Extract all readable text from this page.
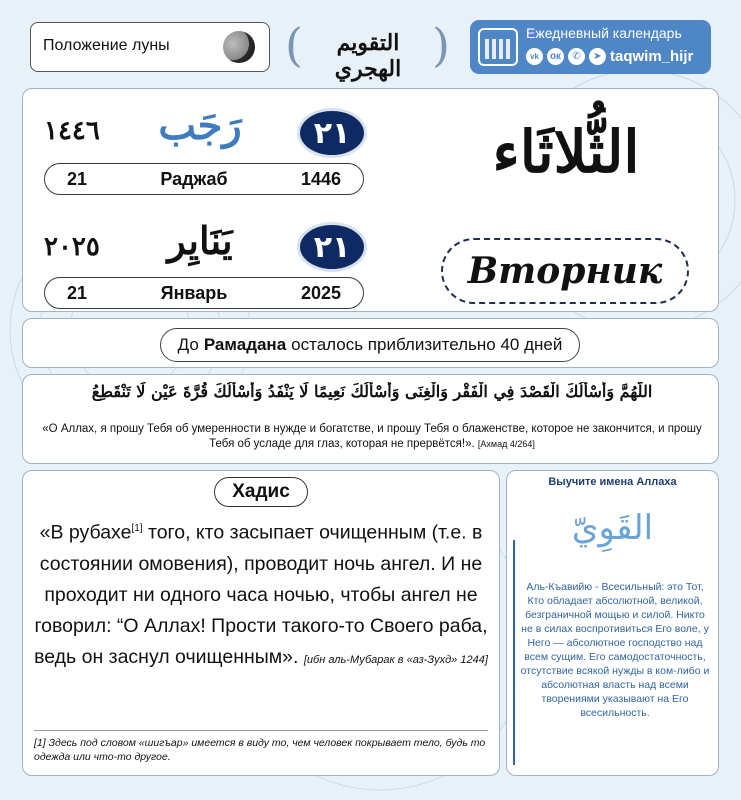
Положение луны	(	التقويم الهجري )	Ежедневный календарь
vk	ок	✆	➤ taqwim_hijr
١٤٤٦	رَجَب	٢١
21	Раджаб	1446
٢٠٢٥	يَنَايِر	٢١
21	Январь	2025
الثُّلاثَاء
Вторник
До Рамадана осталось приблизительно 40 дней
اللَّهُمَّ وَأَسْأَلُكَ الْقَصْدَ فِي الْفَقْرِ وَالْغِنَى وَأَسْأَلُكَ نَعِيمًا لَا يَنْفَدُ وَأَسْأَلُكَ قُرَّةَ عَيْنٍ لَا تَنْقَطِعُ
«О Аллах, я прошу Тебя об умеренности в нужде и богатстве, и прошу Тебя о блаженстве, которое не закончится, и прошу Тебя об усладе для глаз, которая не прервётся!». [Ахмад 4/264]
Хадис
«В рубахе[1] того, кто засыпает очищенным (т.е. в состоянии омовения), проводит ночь ангел. И не проходит ни одного часа ночью, чтобы ангел не говорил: “О Аллах! Прости такого-то Своего раба, ведь он заснул очищенным». [ибн аль-Мубарак в «аз-Зухд» 1244]
[1] Здесь под словом «шигъар» имеется в виду то, чем человек покрывает тело, будь то одежда или что-то другое.
Выучите имена Аллаха
القَوِيّ
Аль-Къавийю - Всесильный: это Тот, Кто обладает абсолютной, великой, безграничной мощью и силой. Никто не в силах воспротивиться Его воле, у Него — абсолютное господство над всем сущим. Его самодостаточность, отсутствие всякой нужды в ком-либо и абсолютная власть над всеми творениями указывают на Его всесильность.
